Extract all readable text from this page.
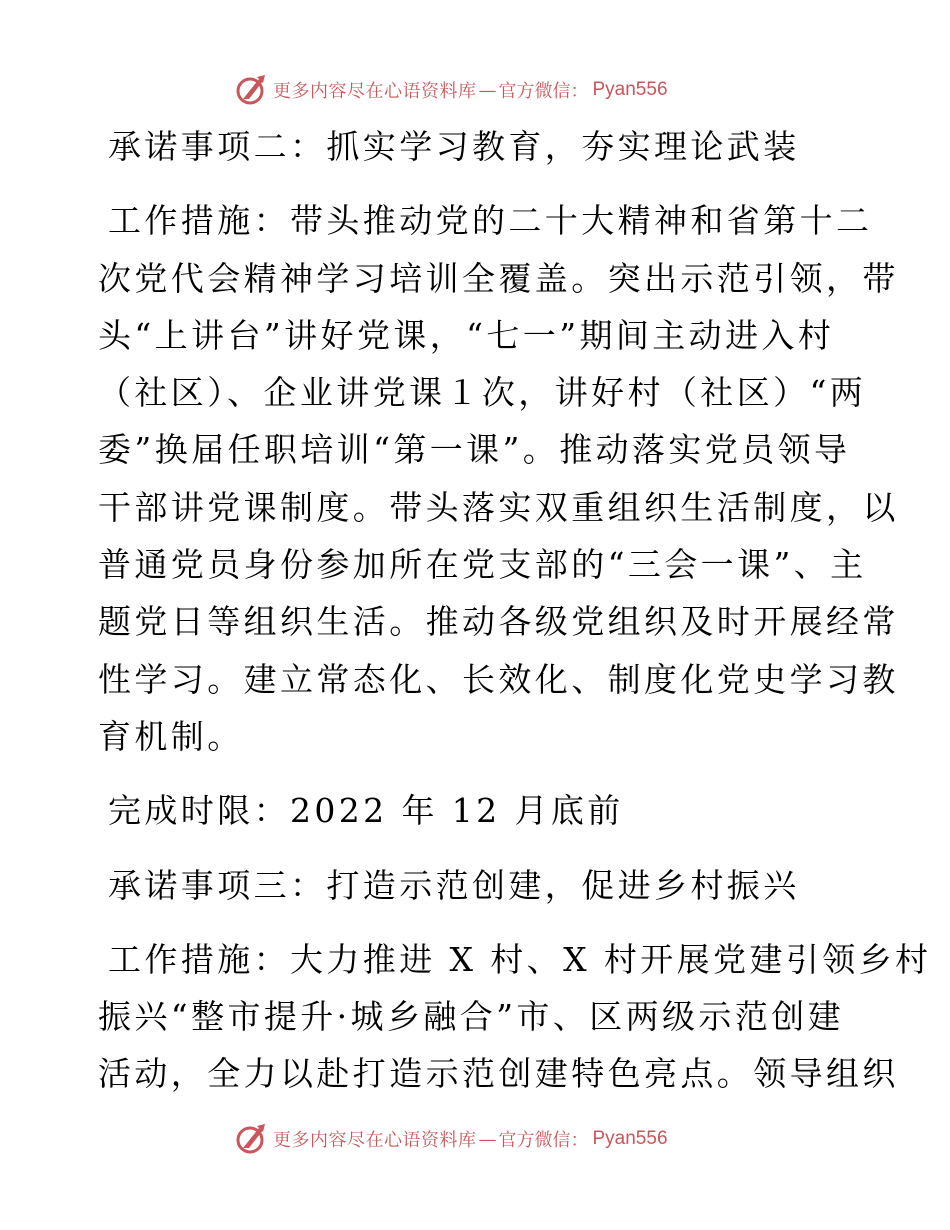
更多内容尽在心语资料库 — 官方微信： Pyan556
承诺事项二：抓实学习教育，夯实理论武装
工作措施：带头推动党的二十大精神和省第十二
次党代会精神学习培训全覆盖。突出示范引领，带
头“上讲台”讲好党课，“七一”期间主动进入村
（社区）、企业讲党课１次，讲好村（社区）“两
委”换届任职培训“第一课”。推动落实党员领导
干部讲党课制度。带头落实双重组织生活制度，以
普通党员身份参加所在党支部的“三会一课”、主
题党日等组织生活。推动各级党组织及时开展经常
性学习。建立常态化、长效化、制度化党史学习教
育机制。
完成时限：2022 年 12 月底前
承诺事项三：打造示范创建，促进乡村振兴
工作措施：大力推进 X 村、X 村开展党建引领乡村
振兴“整市提升·城乡融合”市、区两级示范创建
活动，全力以赴打造示范创建特色亮点。领导组织
更多内容尽在心语资料库 — 官方微信： Pyan556
